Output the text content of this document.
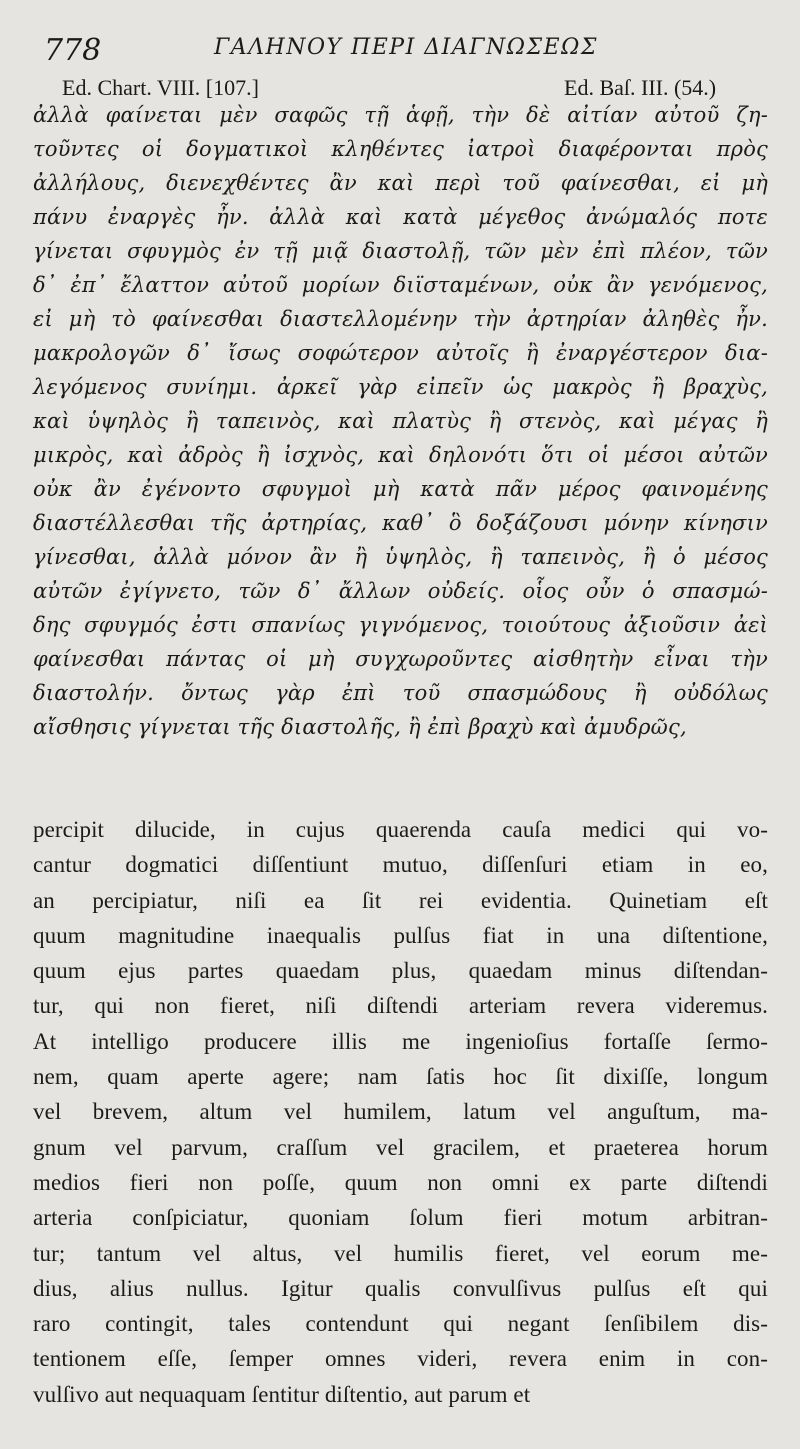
778	ΓΑΛΗΝΟΥ ΠΕΡΙ ΔΙΑΓΝΩΣΕΩΣ
Ed. Chart. VIII. [107.]	Ed. Baſ. III. (54.)
ἀλλὰ φαίνεται μὲν σαφῶς τῇ ἁφῇ, τὴν δὲ αἰτίαν αὐτοῦ ζη-
τοῦντες οἱ δογματικοὶ κληθέντες ἰατροὶ διαφέρονται πρὸς
ἀλλήλους, διενεχθέντες ἂν καὶ περὶ τοῦ φαίνεσθαι, εἰ μὴ
πάνυ ἐναργὲς ἦν. ἀλλὰ καὶ κατὰ μέγεθος ἀνώμαλός ποτε
γίνεται σφυγμὸς ἐν τῇ μιᾷ διαστολῇ, τῶν μὲν ἐπὶ πλέον, τῶν
δ᾽ ἐπ᾽ ἔλαττον αὐτοῦ μορίων διϊσταμένων, οὐκ ἂν γενόμενος,
εἰ μὴ τὸ φαίνεσθαι διαστελλομένην τὴν ἀρτηρίαν ἀληθὲς ἦν.
μακρολογῶν δ᾽ ἴσως σοφώτερον αὐτοῖς ἢ ἐναργέστερον δια-
λεγόμενος συνίημι. ἀρκεῖ γὰρ εἰπεῖν ὡς μακρὸς ἢ βραχὺς,
καὶ ὑψηλὸς ἢ ταπεινὸς, καὶ πλατὺς ἢ στενὸς, καὶ μέγας ἢ
μικρὸς, καὶ ἀδρὸς ἢ ἰσχνὸς, καὶ δηλονότι ὅτι οἱ μέσοι αὐτῶν
οὐκ ἂν ἐγένοντο σφυγμοὶ μὴ κατὰ πᾶν μέρος φαινομένης
διαστέλλεσθαι τῆς ἀρτηρίας, καθ᾽ ὃ δοξάζουσι μόνην κίνησιν
γίνεσθαι, ἀλλὰ μόνον ἂν ἢ ὑψηλὸς, ἢ ταπεινὸς, ἢ ὁ μέσος
αὐτῶν ἐγίγνετο, τῶν δ᾽ ἄλλων οὐδείς. οἷος οὖν ὁ σπασμώ-
δης σφυγμός ἐστι σπανίως γιγνόμενος, τοιούτους ἀξιοῦσιν ἀεὶ
φαίνεσθαι πάντας οἱ μὴ συγχωροῦντες αἰσθητὴν εἶναι τὴν
διαστολήν. ὄντως γὰρ ἐπὶ τοῦ σπασμώδους ἢ οὐδόλως
αἴσθησις γίγνεται τῆς διαστολῆς, ἢ ἐπὶ βραχὺ καὶ ἀμυδρῶς,
percipit dilucide, in cujus quaerenda cauſa medici qui vo-
cantur dogmatici diſſentiunt mutuo, diſſenſuri etiam in eo,
an percipiatur, niſi ea ſit rei evidentia. Quinetiam eſt
quum magnitudine inaequalis pulſus fiat in una diſtentione,
quum ejus partes quaedam plus, quaedam minus diſtendan-
tur, qui non fieret, niſi diſtendi arteriam revera videremus.
At intelligo producere illis me ingenioſius fortaſſe ſermo-
nem, quam aperte agere; nam ſatis hoc ſit dixiſſe, longum
vel brevem, altum vel humilem, latum vel anguſtum, ma-
gnum vel parvum, craſſum vel gracilem, et praeterea horum
medios fieri non poſſe, quum non omni ex parte diſtendi
arteria conſpiciatur, quoniam ſolum fieri motum arbitran-
tur; tantum vel altus, vel humilis fieret, vel eorum me-
dius, alius nullus. Igitur qualis convulſivus pulſus eſt qui
raro contingit, tales contendunt qui negant ſenſibilem dis-
tentionem eſſe, ſemper omnes videri, revera enim in con-
vulſivo aut nequaquam ſentitur diſtentio, aut parum et
